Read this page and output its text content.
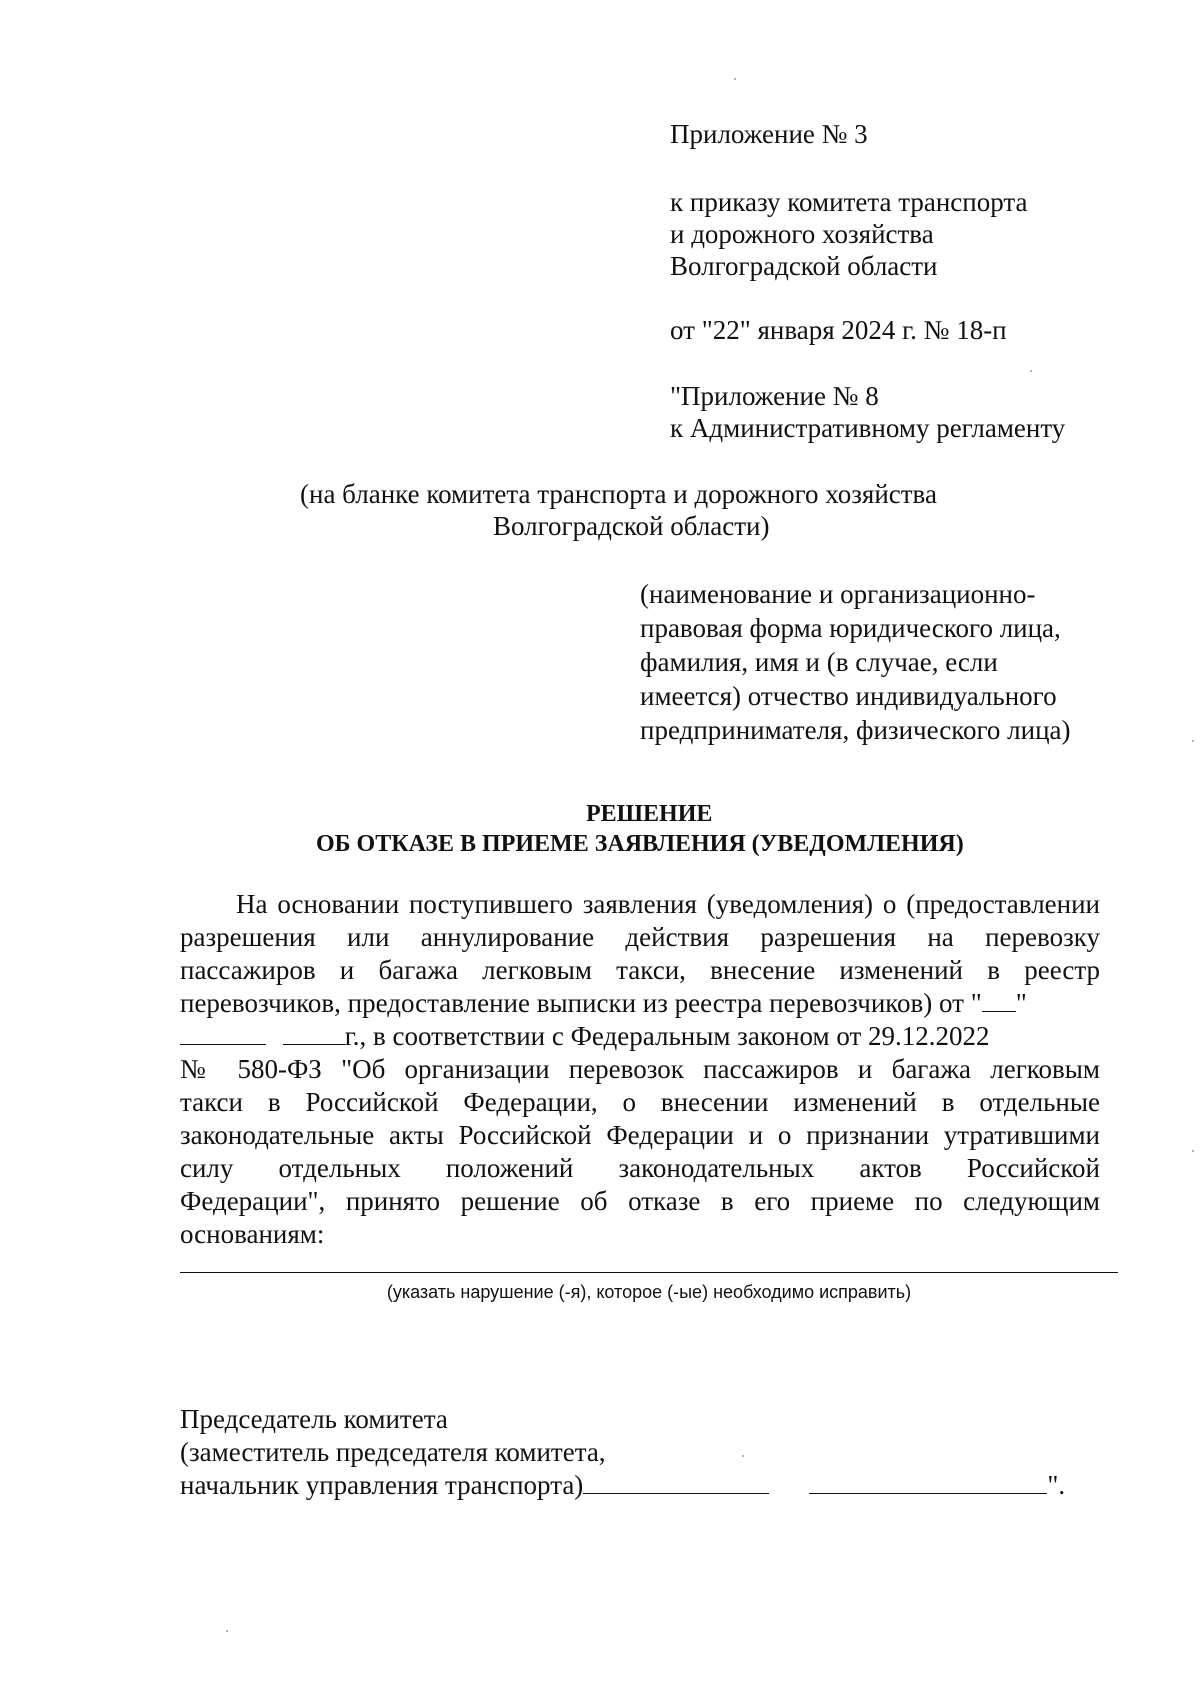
Приложение № 3
к приказу комитета транспорта
и дорожного хозяйства
Волгоградской области
от "22" января 2024 г. № 18-п
"Приложение № 8
к Административному регламенту
(на бланке комитета транспорта и дорожного хозяйства
Волгоградской области)
(наименование и организационно-
правовая форма юридического лица,
фамилия, имя и (в случае, если
имеется) отчество индивидуального
предпринимателя, физического лица)
РЕШЕНИЕ
ОБ ОТКАЗЕ В ПРИЕМЕ ЗАЯВЛЕНИЯ (УВЕДОМЛЕНИЯ)
На основании поступившего заявления (уведомления) о (предоставлении
разрешения или аннулирование действия разрешения на перевозку
пассажиров и багажа легковым такси, внесение изменений в реестр
перевозчиков, предоставление выписки из реестра перевозчиков) от " "
г., в соответствии с Федеральным законом от 29.12.2022
№ 580-ФЗ "Об организации перевозок пассажиров и багажа легковым
такси в Российской Федерации, о внесении изменений в отдельные
законодательные акты Российской Федерации и о признании утратившими
силу отдельных положений законодательных актов Российской
Федерации", принято решение об отказе в его приеме по следующим
основаниям:
(указать нарушение (-я), которое (-ые) необходимо исправить)
Председатель комитета
(заместитель председателя комитета,
начальник управления транспорта)	".
